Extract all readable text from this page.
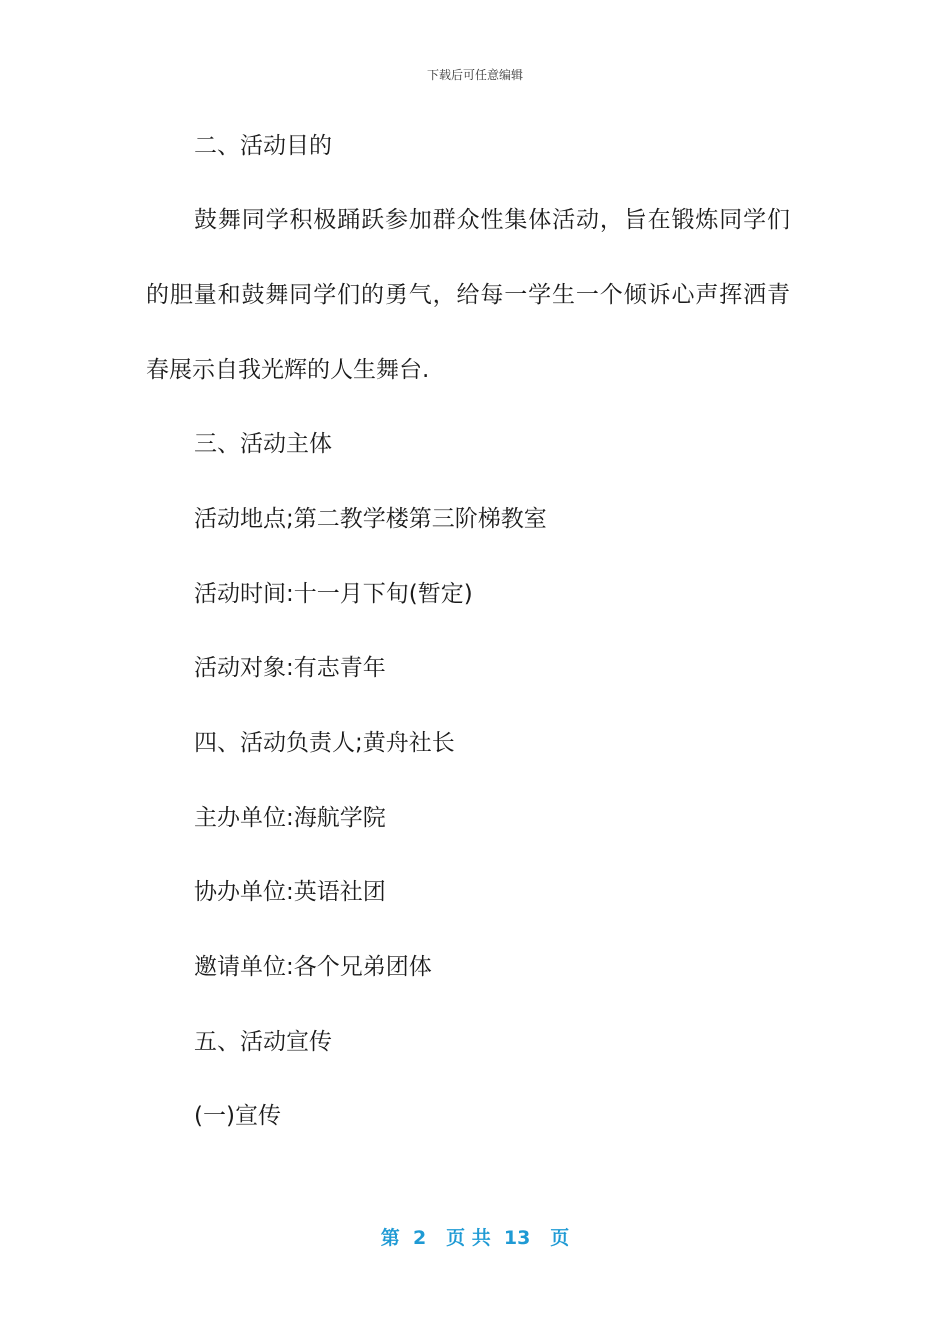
下载后可任意编辑
二、活动目的
鼓舞同学积极踊跃参加群众性集体活动，旨在锻炼同学们
的胆量和鼓舞同学们的勇气，给每一学生一个倾诉心声挥洒青
春展示自我光辉的人生舞台.
三、活动主体
活动地点;第二教学楼第三阶梯教室
活动时间:十一月下旬(暂定)
活动对象:有志青年
四、活动负责人;黄舟社长
主办单位:海航学院
协办单位:英语社团
邀请单位:各个兄弟团体
五、活动宣传
(一)宣传
第  2   页 共  13   页
